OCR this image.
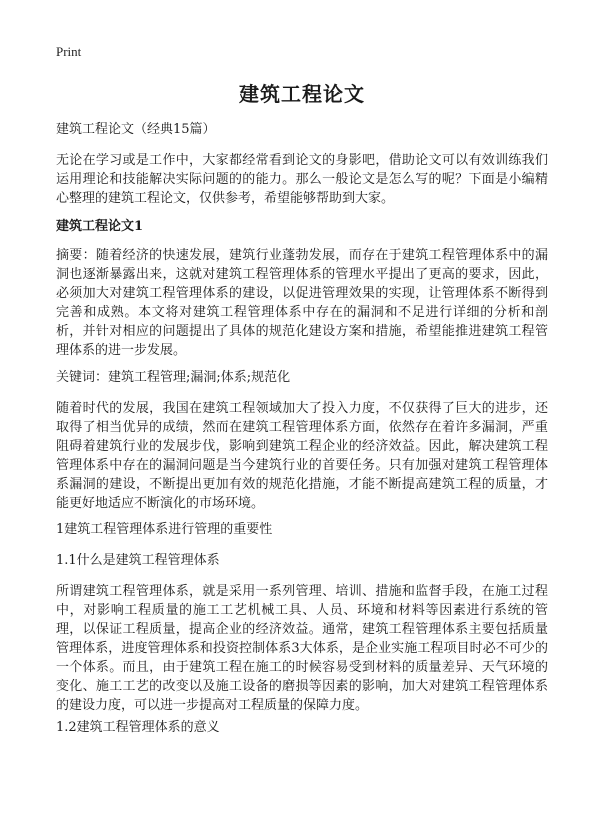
Print
建筑工程论文
建筑工程论文（经典15篇）
无论在学习或是工作中，大家都经常看到论文的身影吧，借助论文可以有效训练我们运用理论和技能解决实际问题的的能力。那么一般论文是怎么写的呢？下面是小编精心整理的建筑工程论文，仅供参考，希望能够帮助到大家。
建筑工程论文1
摘要：随着经济的快速发展，建筑行业蓬勃发展，而存在于建筑工程管理体系中的漏洞也逐渐暴露出来，这就对建筑工程管理体系的管理水平提出了更高的要求，因此，必须加大对建筑工程管理体系的建设，以促进管理效果的实现，让管理体系不断得到完善和成熟。本文将对建筑工程管理体系中存在的漏洞和不足进行详细的分析和剖析，并针对相应的问题提出了具体的规范化建设方案和措施，希望能推进建筑工程管理体系的进一步发展。
关键词：建筑工程管理;漏洞;体系;规范化
随着时代的发展，我国在建筑工程领域加大了投入力度，不仅获得了巨大的进步，还取得了相当优异的成绩，然而在建筑工程管理体系方面，依然存在着许多漏洞，严重阻碍着建筑行业的发展步伐，影响到建筑工程企业的经济效益。因此，解决建筑工程管理体系中存在的漏洞问题是当今建筑行业的首要任务。只有加强对建筑工程管理体系漏洞的建设，不断提出更加有效的规范化措施，才能不断提高建筑工程的质量，才能更好地适应不断演化的市场环境。
1建筑工程管理体系进行管理的重要性
1.1什么是建筑工程管理体系
所谓建筑工程管理体系，就是采用一系列管理、培训、措施和监督手段，在施工过程中，对影响工程质量的施工工艺机械工具、人员、环境和材料等因素进行系统的管理，以保证工程质量，提高企业的经济效益。通常，建筑工程管理体系主要包括质量管理体系，进度管理体系和投资控制体系3大体系，是企业实施工程项目时必不可少的一个体系。而且，由于建筑工程在施工的时候容易受到材料的质量差异、天气环境的变化、施工工艺的改变以及施工设备的磨损等因素的影响，加大对建筑工程管理体系的建设力度，可以进一步提高对工程质量的保障力度。
1.2建筑工程管理体系的意义
